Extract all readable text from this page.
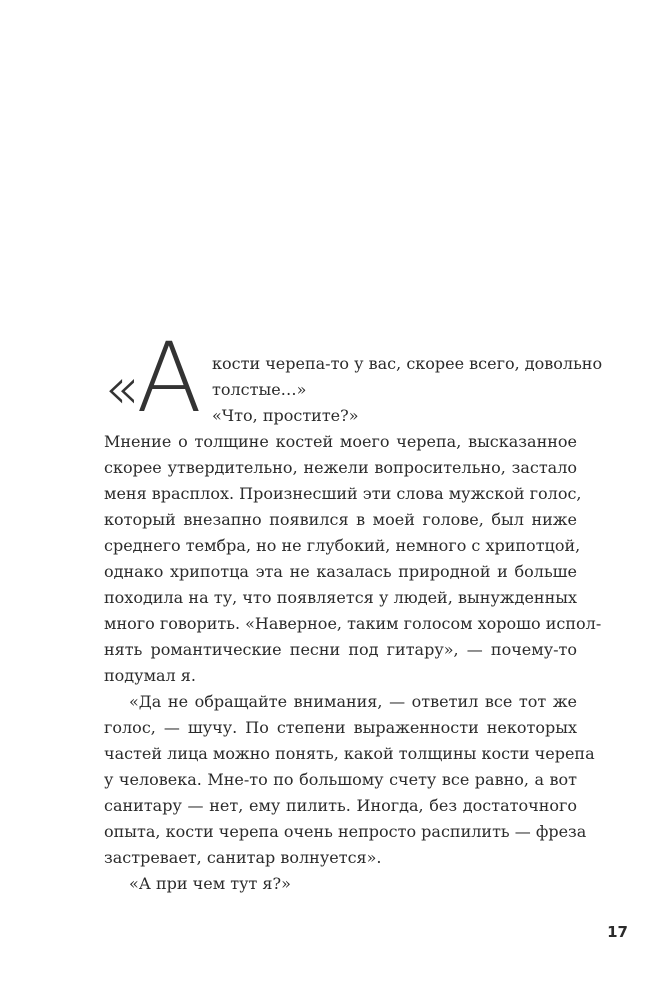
« А кости черепа-то у вас, скорее всего, довольно
толстые…»
«Что, простите?»
Мнение о толщине костей моего черепа, высказанное
скорее утвердительно, нежели вопросительно, застало
меня врасплох. Произнесший эти слова мужской голос,
который внезапно появился в моей голове, был ниже
среднего тембра, но не глубокий, немного с хрипотцой,
однако хрипотца эта не казалась природной и больше
походила на ту, что появляется у людей, вынужденных
много говорить. «Наверное, таким голосом хорошо испол-
нять романтические песни под гитару», — почему-то
подумал я.
«Да не обращайте внимания, — ответил все тот же
голос, — шучу. По степени выраженности некоторых
частей лица можно понять, какой толщины кости черепа
у человека. Мне-то по большому счету все равно, а вот
санитару — нет, ему пилить. Иногда, без достаточного
опыта, кости черепа очень непросто распилить — фреза
застревает, санитар волнуется».
«А при чем тут я?»
17
